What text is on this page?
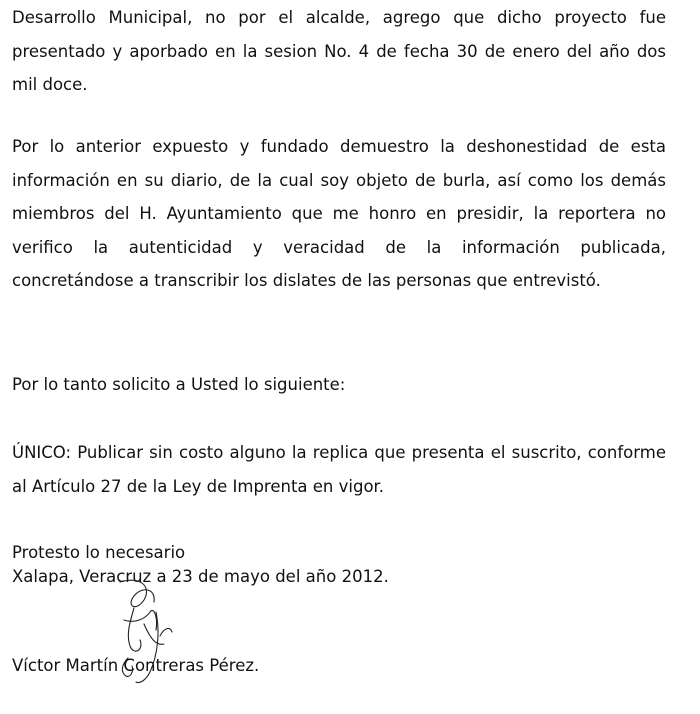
Desarrollo Municipal, no por el alcalde, agrego que dicho proyecto fue presentado y aporbado en la sesion No. 4 de fecha 30 de enero del año dos mil doce.

Por lo anterior expuesto y fundado demuestro la deshonestidad de esta información en su diario, de la cual soy objeto de burla, así como los demás miembros del H. Ayuntamiento que me honro en presidir, la reportera no verifico la autenticidad y veracidad de la información publicada, concretándose a transcribir los dislates de las personas que entrevistó.

Por lo tanto solicito a Usted lo siguiente:

ÚNICO: Publicar sin costo alguno la replica que presenta el suscrito, conforme al Artículo 27 de la Ley de Imprenta en vigor.

Protesto lo necesario

Xalapa, Veracruz a 23 de mayo del año 2012.

Víctor Martín Contreras Pérez.
